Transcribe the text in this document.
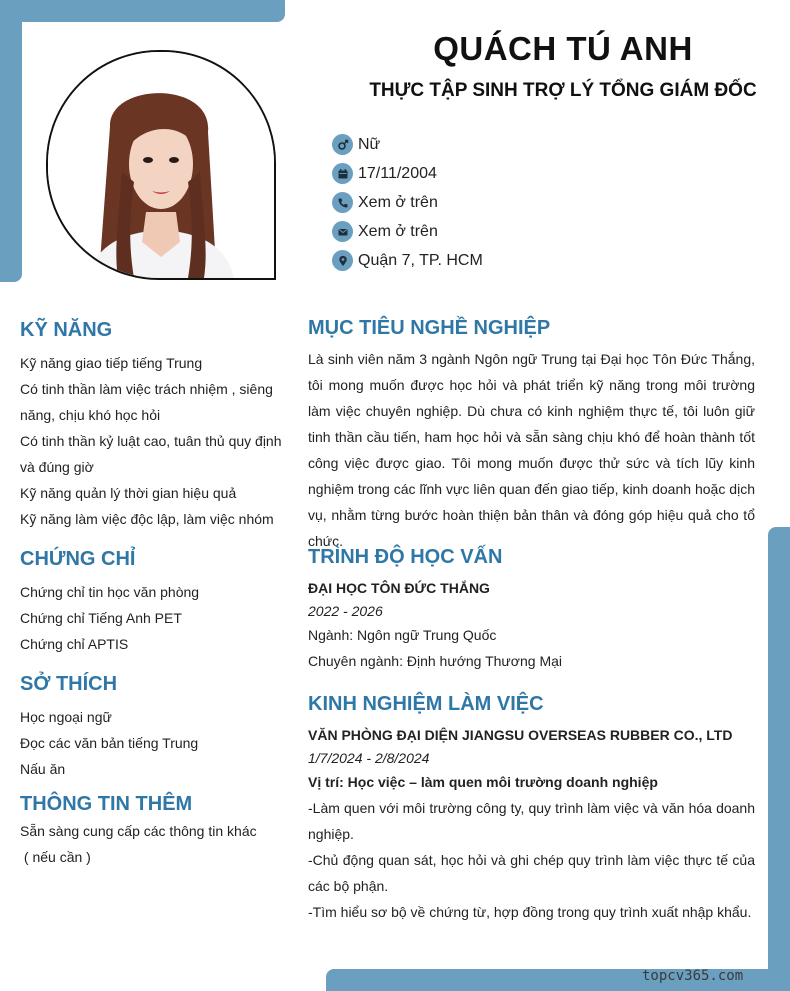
QUÁCH TÚ ANH
THỰC TẬP SINH TRỢ LÝ TỔNG GIÁM ĐỐC
Nữ
17/11/2004
Xem ở trên
Xem ở trên
Quận 7, TP. HCM
KỸ NĂNG
Kỹ năng giao tiếp tiếng Trung
Có tinh thần làm việc trách nhiệm , siêng năng, chịu khó học hỏi
Có tinh thần kỷ luật cao, tuân thủ quy định và đúng giờ
Kỹ năng quản lý thời gian hiệu quả
Kỹ năng làm việc độc lập, làm việc nhóm
CHỨNG CHỈ
Chứng chỉ tin học văn phòng
Chứng chỉ Tiếng Anh PET
Chứng chỉ APTIS
SỞ THÍCH
Học ngoại ngữ
Đọc các văn bản tiếng Trung
Nấu ăn
THÔNG TIN THÊM
Sẵn sàng cung cấp các thông tin khác
( nếu cần )
MỤC TIÊU NGHỀ NGHIỆP
Là sinh viên năm 3 ngành Ngôn ngữ Trung tại Đại học Tôn Đức Thắng, tôi mong muốn được học hỏi và phát triển kỹ năng trong môi trường làm việc chuyên nghiệp. Dù chưa có kinh nghiệm thực tế, tôi luôn giữ tinh thần cầu tiến, ham học hỏi và sẵn sàng chịu khó để hoàn thành tốt công việc được giao. Tôi mong muốn được thử sức và tích lũy kinh nghiệm trong các lĩnh vực liên quan đến giao tiếp, kinh doanh hoặc dịch vụ, nhằm từng bước hoàn thiện bản thân và đóng góp hiệu quả cho tổ chức.
TRÌNH ĐỘ HỌC VẤN
ĐẠI HỌC TÔN ĐỨC THẮNG
2022 - 2026
Ngành: Ngôn ngữ Trung Quốc
Chuyên ngành: Định hướng Thương Mại
KINH NGHIỆM LÀM VIỆC
VĂN PHÒNG ĐẠI DIỆN JIANGSU OVERSEAS RUBBER CO., LTD
1/7/2024 - 2/8/2024
Vị trí: Học việc – làm quen môi trường doanh nghiệp
-Làm quen với môi trường công ty, quy trình làm việc và văn hóa doanh nghiệp.
-Chủ động quan sát, học hỏi và ghi chép quy trình làm việc thực tế của các bộ phận.
-Tìm hiểu sơ bộ về chứng từ, hợp đồng trong quy trình xuất nhập khẩu.
topcv365.com
